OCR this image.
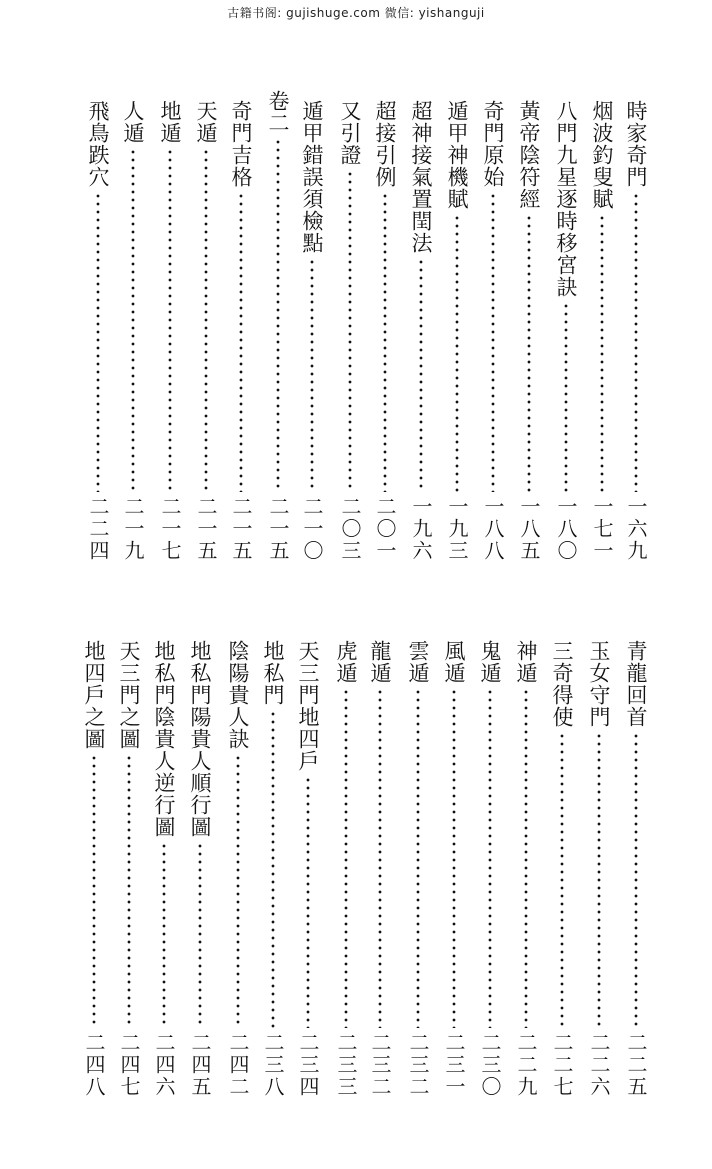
古籍书阁: gujishuge.com 微信: yishanguji
時家奇門
一六九
烟波釣叟賦
一七一
八門九星逐時移宮訣
一八〇
黃帝陰符經
一八五
奇門原始
一八八
遁甲神機賦
一九三
超神接氣置閏法
一九六
超接引例
二〇一
又引證
二〇三
遁甲錯誤須檢點
二一〇
卷二
二一五
奇門吉格
二一五
天遁
二一五
地遁
二一七
人遁
二一九
飛鳥跌穴
二二四
青龍回首
二二五
玉女守門
二二六
三奇得使
二二七
神遁
二二九
鬼遁
二三〇
風遁
二三一
雲遁
二三二
龍遁
二三二
虎遁
二三三
天三門地四戶
二三四
地私門
二三八
陰陽貴人訣
二四二
地私門陽貴人順行圖
二四五
地私門陰貴人逆行圖
二四六
天三門之圖
二四七
地四戶之圖
二四八
